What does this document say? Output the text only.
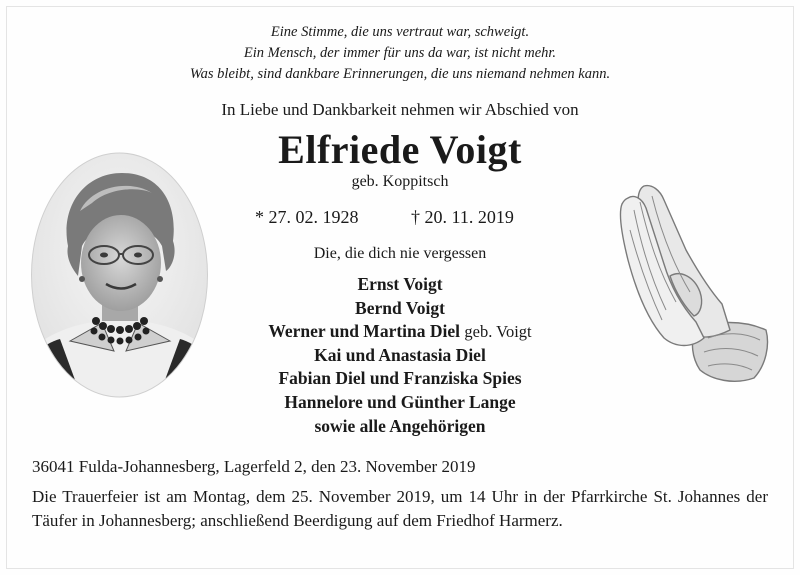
Eine Stimme, die uns vertraut war, schweigt.
Ein Mensch, der immer für uns da war, ist nicht mehr.
Was bleibt, sind dankbare Erinnerungen, die uns niemand nehmen kann.
In Liebe und Dankbarkeit nehmen wir Abschied von
Elfriede Voigt
geb. Koppitsch
* 27. 02. 1928	† 20. 11. 2019
Die, die dich nie vergessen
Ernst Voigt
Bernd Voigt
Werner und Martina Diel geb. Voigt
Kai und Anastasia Diel
Fabian Diel und Franziska Spies
Hannelore und Günther Lange
sowie alle Angehörigen
36041 Fulda-Johannesberg, Lagerfeld 2, den 23. November 2019
Die Trauerfeier ist am Montag, dem 25. November 2019, um 14 Uhr in der Pfarrkirche St. Johannes der Täufer in Johannesberg; anschließend Beerdigung auf dem Friedhof Harmerz.
